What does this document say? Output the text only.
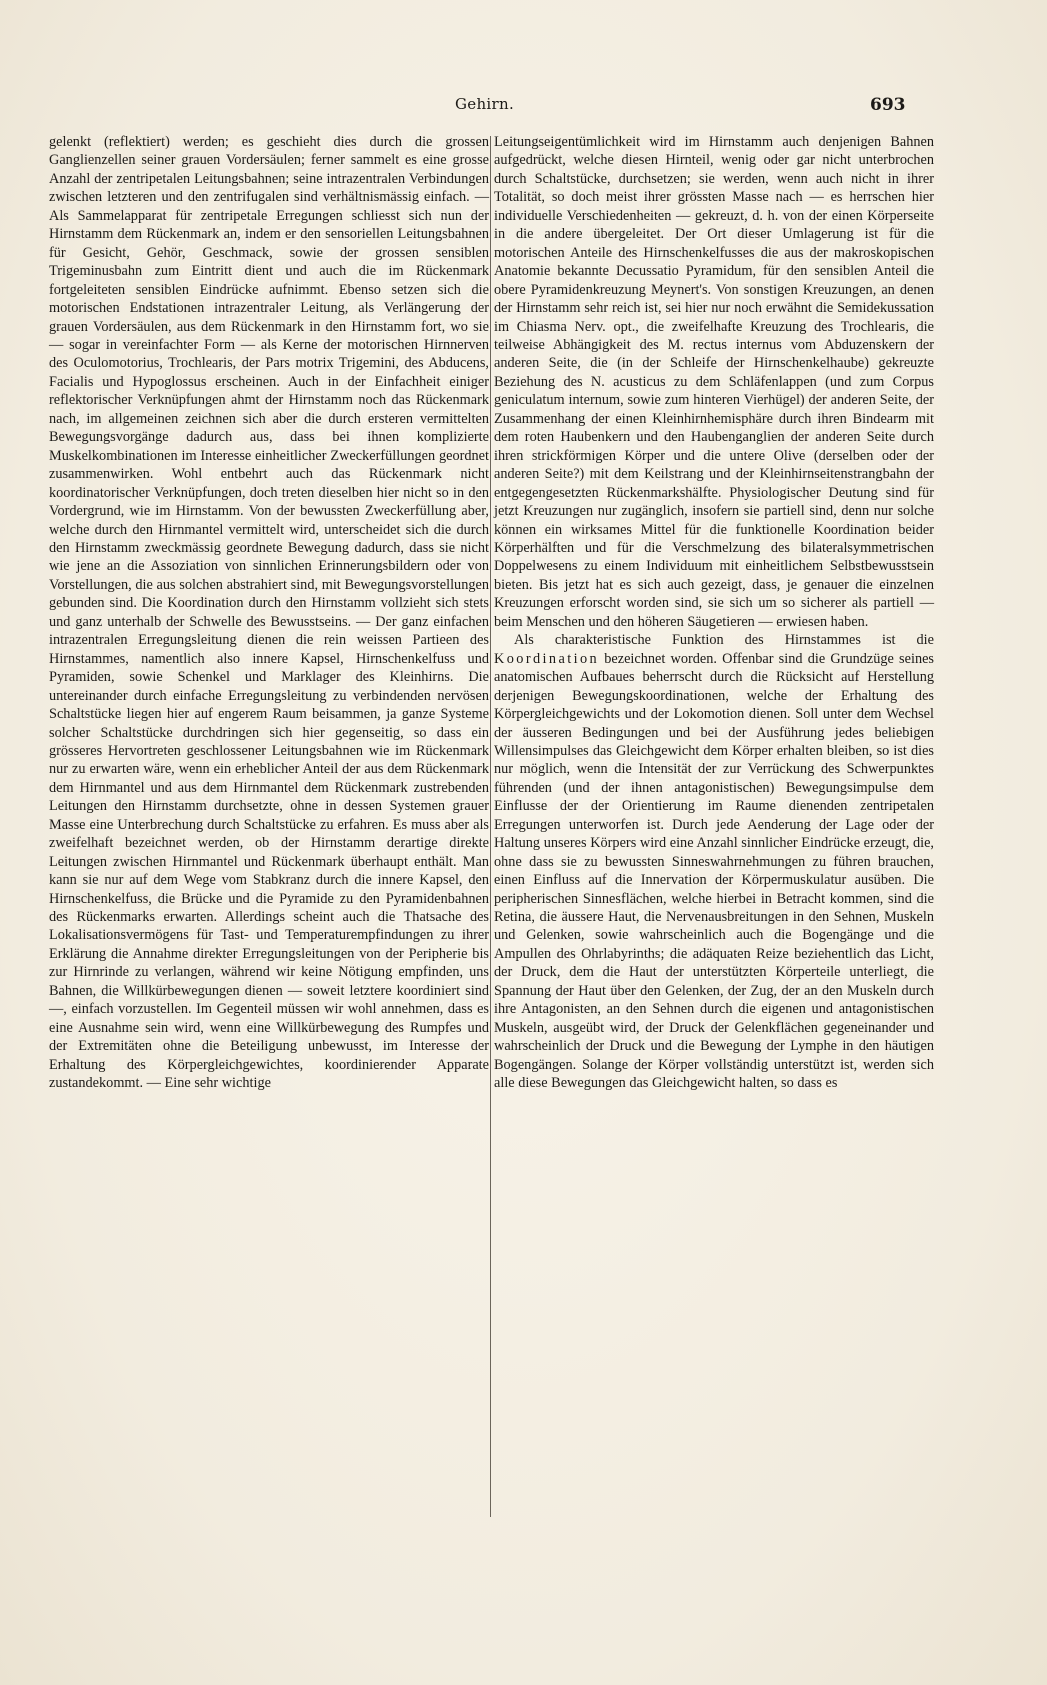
Gehirn.	693

gelenkt (reflektiert) werden; es geschieht dies durch die grossen Ganglienzellen seiner grauen Vordersäulen; ferner sammelt es eine grosse Anzahl der zentripetalen Leitungsbahnen; seine intrazentralen Verbindungen zwischen letzteren und den zentrifugalen sind verhältnismässig einfach. — Als Sammelapparat für zentripetale Erregungen schliesst sich nun der Hirnstamm dem Rückenmark an, indem er den sensoriellen Leitungsbahnen für Gesicht, Gehör, Geschmack, sowie der grossen sensiblen Trigeminusbahn zum Eintritt dient und auch die im Rückenmark fortgeleiteten sensiblen Eindrücke aufnimmt. Ebenso setzen sich die motorischen Endstationen intrazentraler Leitung, als Verlängerung der grauen Vordersäulen, aus dem Rückenmark in den Hirnstamm fort, wo sie — sogar in vereinfachter Form — als Kerne der motorischen Hirnnerven des Oculomotorius, Trochlearis, der Pars motrix Trigemini, des Abducens, Facialis und Hypoglossus erscheinen. Auch in der Einfachheit einiger reflektorischer Verknüpfungen ahmt der Hirnstamm noch das Rückenmark nach, im allgemeinen zeichnen sich aber die durch ersteren vermittelten Bewegungsvorgänge dadurch aus, dass bei ihnen komplizierte Muskelkombinationen im Interesse einheitlicher Zweckerfüllungen geordnet zusammenwirken. Wohl entbehrt auch das Rückenmark nicht koordinatorischer Verknüpfungen, doch treten dieselben hier nicht so in den Vordergrund, wie im Hirnstamm. Von der bewussten Zweckerfüllung aber, welche durch den Hirnmantel vermittelt wird, unterscheidet sich die durch den Hirnstamm zweckmässig geordnete Bewegung dadurch, dass sie nicht wie jene an die Assoziation von sinnlichen Erinnerungsbildern oder von Vorstellungen, die aus solchen abstrahiert sind, mit Bewegungsvorstellungen gebunden sind. Die Koordination durch den Hirnstamm vollzieht sich stets und ganz unterhalb der Schwelle des Bewusstseins. — Der ganz einfachen intrazentralen Erregungsleitung dienen die rein weissen Partieen des Hirnstammes, namentlich also innere Kapsel, Hirnschenkelfuss und Pyramiden, sowie Schenkel und Marklager des Kleinhirns. Die untereinander durch einfache Erregungsleitung zu verbindenden nervösen Schaltstücke liegen hier auf engerem Raum beisammen, ja ganze Systeme solcher Schaltstücke durchdringen sich hier gegenseitig, so dass ein grösseres Hervortreten geschlossener Leitungsbahnen wie im Rückenmark nur zu erwarten wäre, wenn ein erheblicher Anteil der aus dem Rückenmark dem Hirnmantel und aus dem Hirnmantel dem Rückenmark zustrebenden Leitungen den Hirnstamm durchsetzte, ohne in dessen Systemen grauer Masse eine Unterbrechung durch Schaltstücke zu erfahren. Es muss aber als zweifelhaft bezeichnet werden, ob der Hirnstamm derartige direkte Leitungen zwischen Hirnmantel und Rückenmark überhaupt enthält. Man kann sie nur auf dem Wege vom Stabkranz durch die innere Kapsel, den Hirnschenkelfuss, die Brücke und die Pyramide zu den Pyramidenbahnen des Rückenmarks erwarten. Allerdings scheint auch die Thatsache des Lokalisationsvermögens für Tast- und Temperaturempfindungen zu ihrer Erklärung die Annahme direkter Erregungsleitungen von der Peripherie bis zur Hirnrinde zu verlangen, während wir keine Nötigung empfinden, uns Bahnen, die Willkürbewegungen dienen — soweit letztere koordiniert sind —, einfach vorzustellen. Im Gegenteil müssen wir wohl annehmen, dass es eine Ausnahme sein wird, wenn eine Willkürbewegung des Rumpfes und der Extremitäten ohne die Beteiligung unbewusst, im Interesse der Erhaltung des Körpergleichgewichtes, koordinierender Apparate zustandekommt. — Eine sehr wichtige

Leitungseigentümlichkeit wird im Hirnstamm auch denjenigen Bahnen aufgedrückt, welche diesen Hirnteil, wenig oder gar nicht unterbrochen durch Schaltstücke, durchsetzen; sie werden, wenn auch nicht in ihrer Totalität, so doch meist ihrer grössten Masse nach — es herrschen hier individuelle Verschiedenheiten — gekreuzt, d. h. von der einen Körperseite in die andere übergeleitet. Der Ort dieser Umlagerung ist für die motorischen Anteile des Hirnschenkelfusses die aus der makroskopischen Anatomie bekannte Decussatio Pyramidum, für den sensiblen Anteil die obere Pyramidenkreuzung Meynert's. Von sonstigen Kreuzungen, an denen der Hirnstamm sehr reich ist, sei hier nur noch erwähnt die Semidekussation im Chiasma Nerv. opt., die zweifelhafte Kreuzung des Trochlearis, die teilweise Abhängigkeit des M. rectus internus vom Abduzenskern der anderen Seite, die (in der Schleife der Hirnschenkelhaube) gekreuzte Beziehung des N. acusticus zu dem Schläfenlappen (und zum Corpus geniculatum internum, sowie zum hinteren Vierhügel) der anderen Seite, der Zusammenhang der einen Kleinhirnhemisphäre durch ihren Bindearm mit dem roten Haubenkern und den Haubenganglien der anderen Seite durch ihren strickförmigen Körper und die untere Olive (derselben oder der anderen Seite?) mit dem Keilstrang und der Kleinhirnseitenstrangbahn der entgegengesetzten Rückenmarkshälfte. Physiologischer Deutung sind für jetzt Kreuzungen nur zugänglich, insofern sie partiell sind, denn nur solche können ein wirksames Mittel für die funktionelle Koordination beider Körperhälften und für die Verschmelzung des bilateralsymmetrischen Doppelwesens zu einem Individuum mit einheitlichem Selbstbewusstsein bieten. Bis jetzt hat es sich auch gezeigt, dass, je genauer die einzelnen Kreuzungen erforscht worden sind, sie sich um so sicherer als partiell — beim Menschen und den höheren Säugetieren — erwiesen haben.

Als charakteristische Funktion des Hirnstammes ist die Koordination bezeichnet worden. Offenbar sind die Grundzüge seines anatomischen Aufbaues beherrscht durch die Rücksicht auf Herstellung derjenigen Bewegungskoordinationen, welche der Erhaltung des Körpergleichgewichts und der Lokomotion dienen. Soll unter dem Wechsel der äusseren Bedingungen und bei der Ausführung jedes beliebigen Willensimpulses das Gleichgewicht dem Körper erhalten bleiben, so ist dies nur möglich, wenn die Intensität der zur Verrückung des Schwerpunktes führenden (und der ihnen antagonistischen) Bewegungsimpulse dem Einflusse der der Orientierung im Raume dienenden zentripetalen Erregungen unterworfen ist. Durch jede Aenderung der Lage oder der Haltung unseres Körpers wird eine Anzahl sinnlicher Eindrücke erzeugt, die, ohne dass sie zu bewussten Sinneswahrnehmungen zu führen brauchen, einen Einfluss auf die Innervation der Körpermuskulatur ausüben. Die peripherischen Sinnesflächen, welche hierbei in Betracht kommen, sind die Retina, die äussere Haut, die Nervenausbreitungen in den Sehnen, Muskeln und Gelenken, sowie wahrscheinlich auch die Bogengänge und die Ampullen des Ohrlabyrinths; die adäquaten Reize beziehentlich das Licht, der Druck, dem die Haut der unterstützten Körperteile unterliegt, die Spannung der Haut über den Gelenken, der Zug, der an den Muskeln durch ihre Antagonisten, an den Sehnen durch die eigenen und antagonistischen Muskeln, ausgeübt wird, der Druck der Gelenkflächen gegeneinander und wahrscheinlich der Druck und die Bewegung der Lymphe in den häutigen Bogengängen. Solange der Körper vollständig unterstützt ist, werden sich alle diese Bewegungen das Gleichgewicht halten, so dass es
